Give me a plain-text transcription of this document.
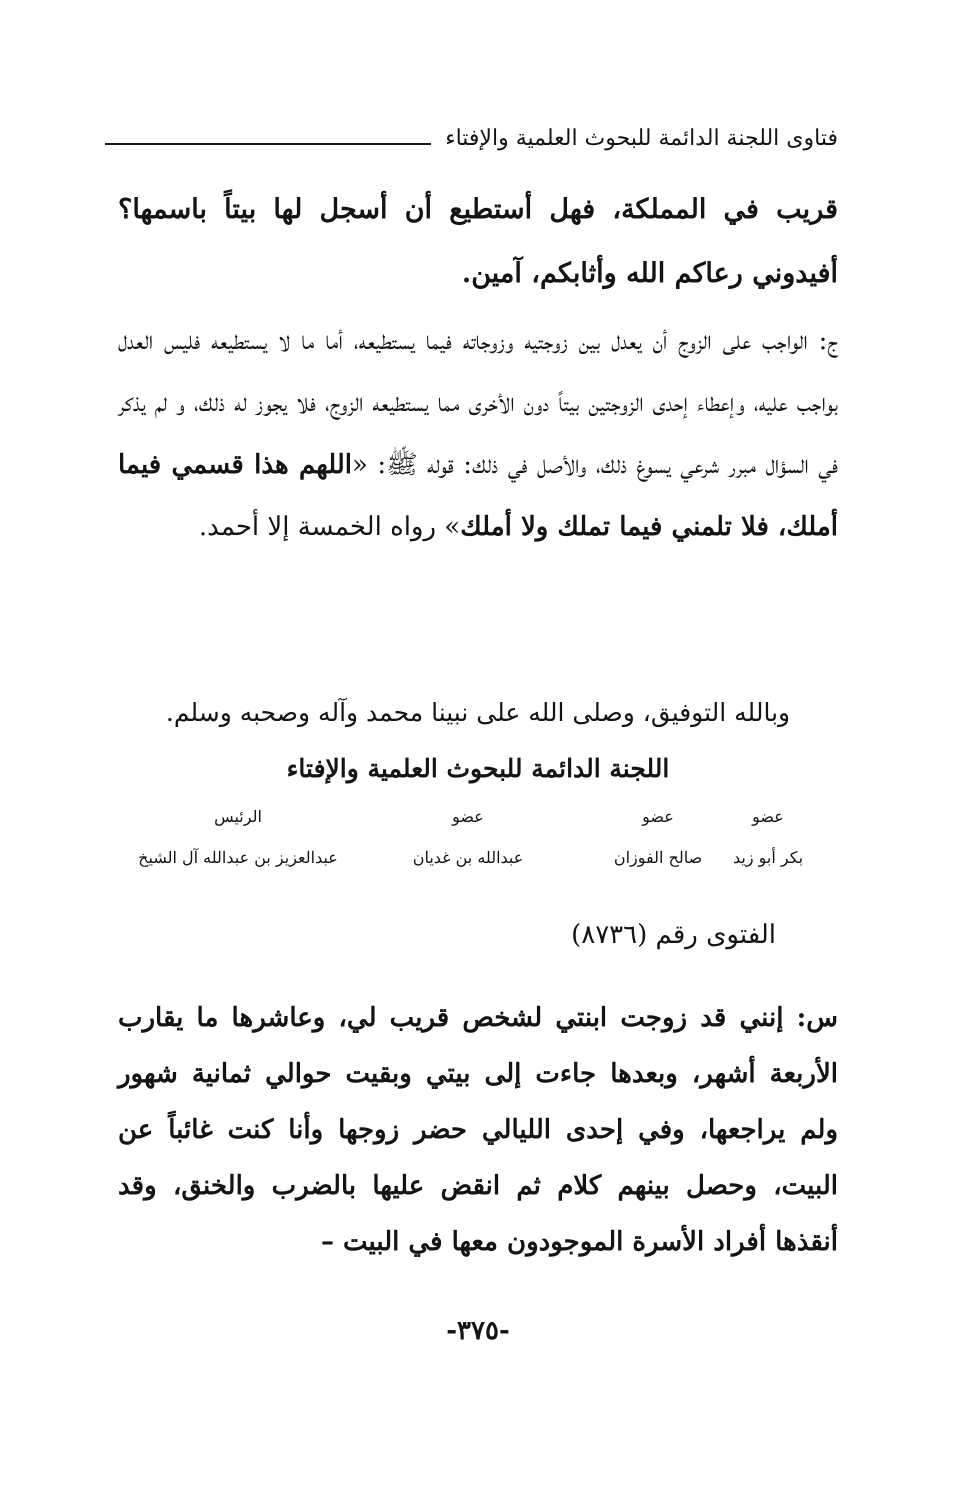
فتاوى اللجنة الدائمة للبحوث العلمية والإفتاء
قريب في المملكة، فهل أستطيع أن أسجل لها بيتاً باسمها؟ أفيدوني رعاكم الله وأثابكم، آمين.
ج: الواجب على الزوج أن يعدل بين زوجتيه وزوجاته فيما يستطيعه، أما ما لا يستطيعه فليس العدل بواجب عليه، وإعطاء إحدى الزوجتين بيتاً دون الأخرى مما يستطيعه الزوج، فلا يجوز له ذلك، و لم يذكر في السؤال مبرر شرعي يسوغ ذلك، والأصل في ذلك: قوله ﷺ: «اللهم هذا قسمي فيما أملك، فلا تلمني فيما تملك ولا أملك» رواه الخمسة إلا أحمد.
وبالله التوفيق، وصلى الله على نبينا محمد وآله وصحبه وسلم.
اللجنة الدائمة للبحوث العلمية والإفتاء
عضو
بكر أبو زيد
عضو
صالح الفوزان
عضو
عبدالله بن غديان
الرئيس
عبدالعزيز بن عبدالله آل الشيخ
الفتوى رقم (٨٧٣٦)
س: إنني قد زوجت ابنتي لشخص قريب لي، وعاشرها ما يقارب الأربعة أشهر، وبعدها جاءت إلى بيتي وبقيت حوالي ثمانية شهور ولم يراجعها، وفي إحدى الليالي حضر زوجها وأنا كنت غائباً عن البيت، وحصل بينهم كلام ثم انقض عليها بالضرب والخنق، وقد أنقذها أفراد الأسرة الموجودون معها في البيت –
-٣٧٥-
